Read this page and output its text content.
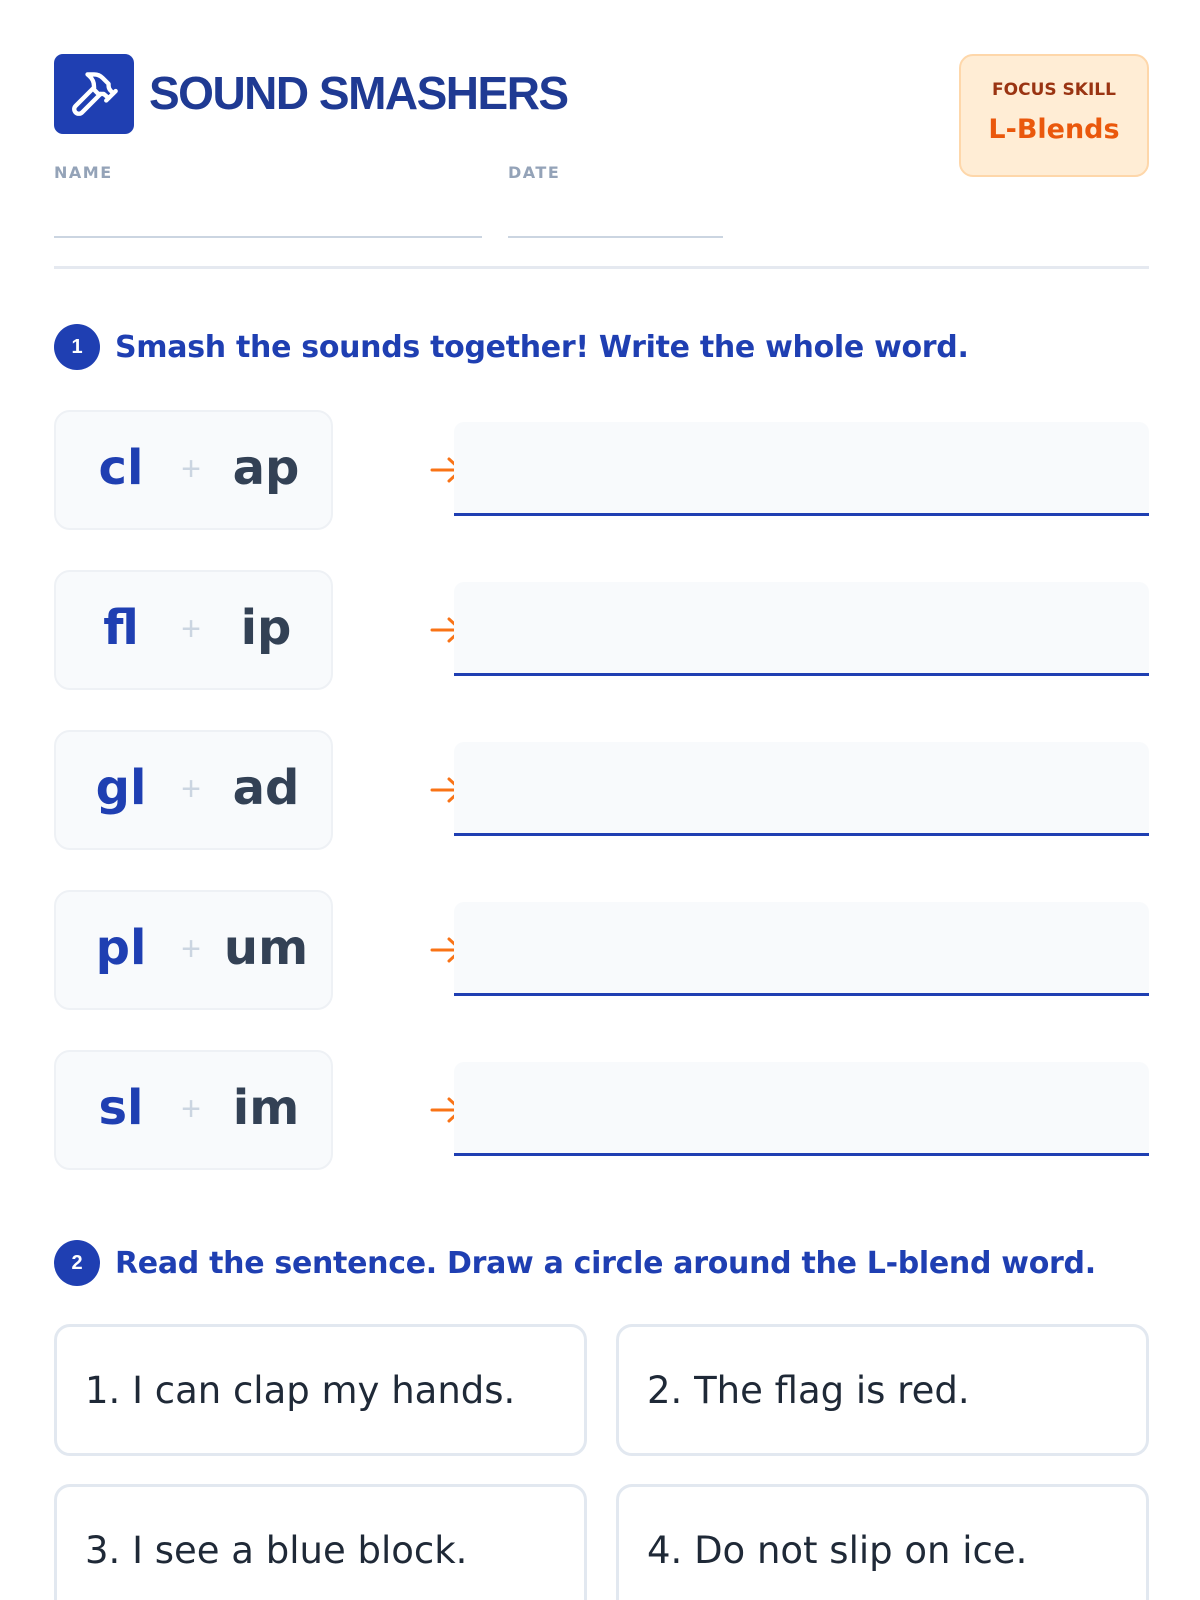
SOUND SMASHERS
NAME	DATE
FOCUS SKILL
L-Blends
1	Smash the sounds together! Write the whole word.
cl	+ ap
fl	+ ip
gl	+ ad
pl	+ um
sl	+ im
2	Read the sentence. Draw a circle around the L-blend word.
1. I can clap my hands.	2. The flag is red.
3. I see a blue block.	4. Do not slip on ice.
